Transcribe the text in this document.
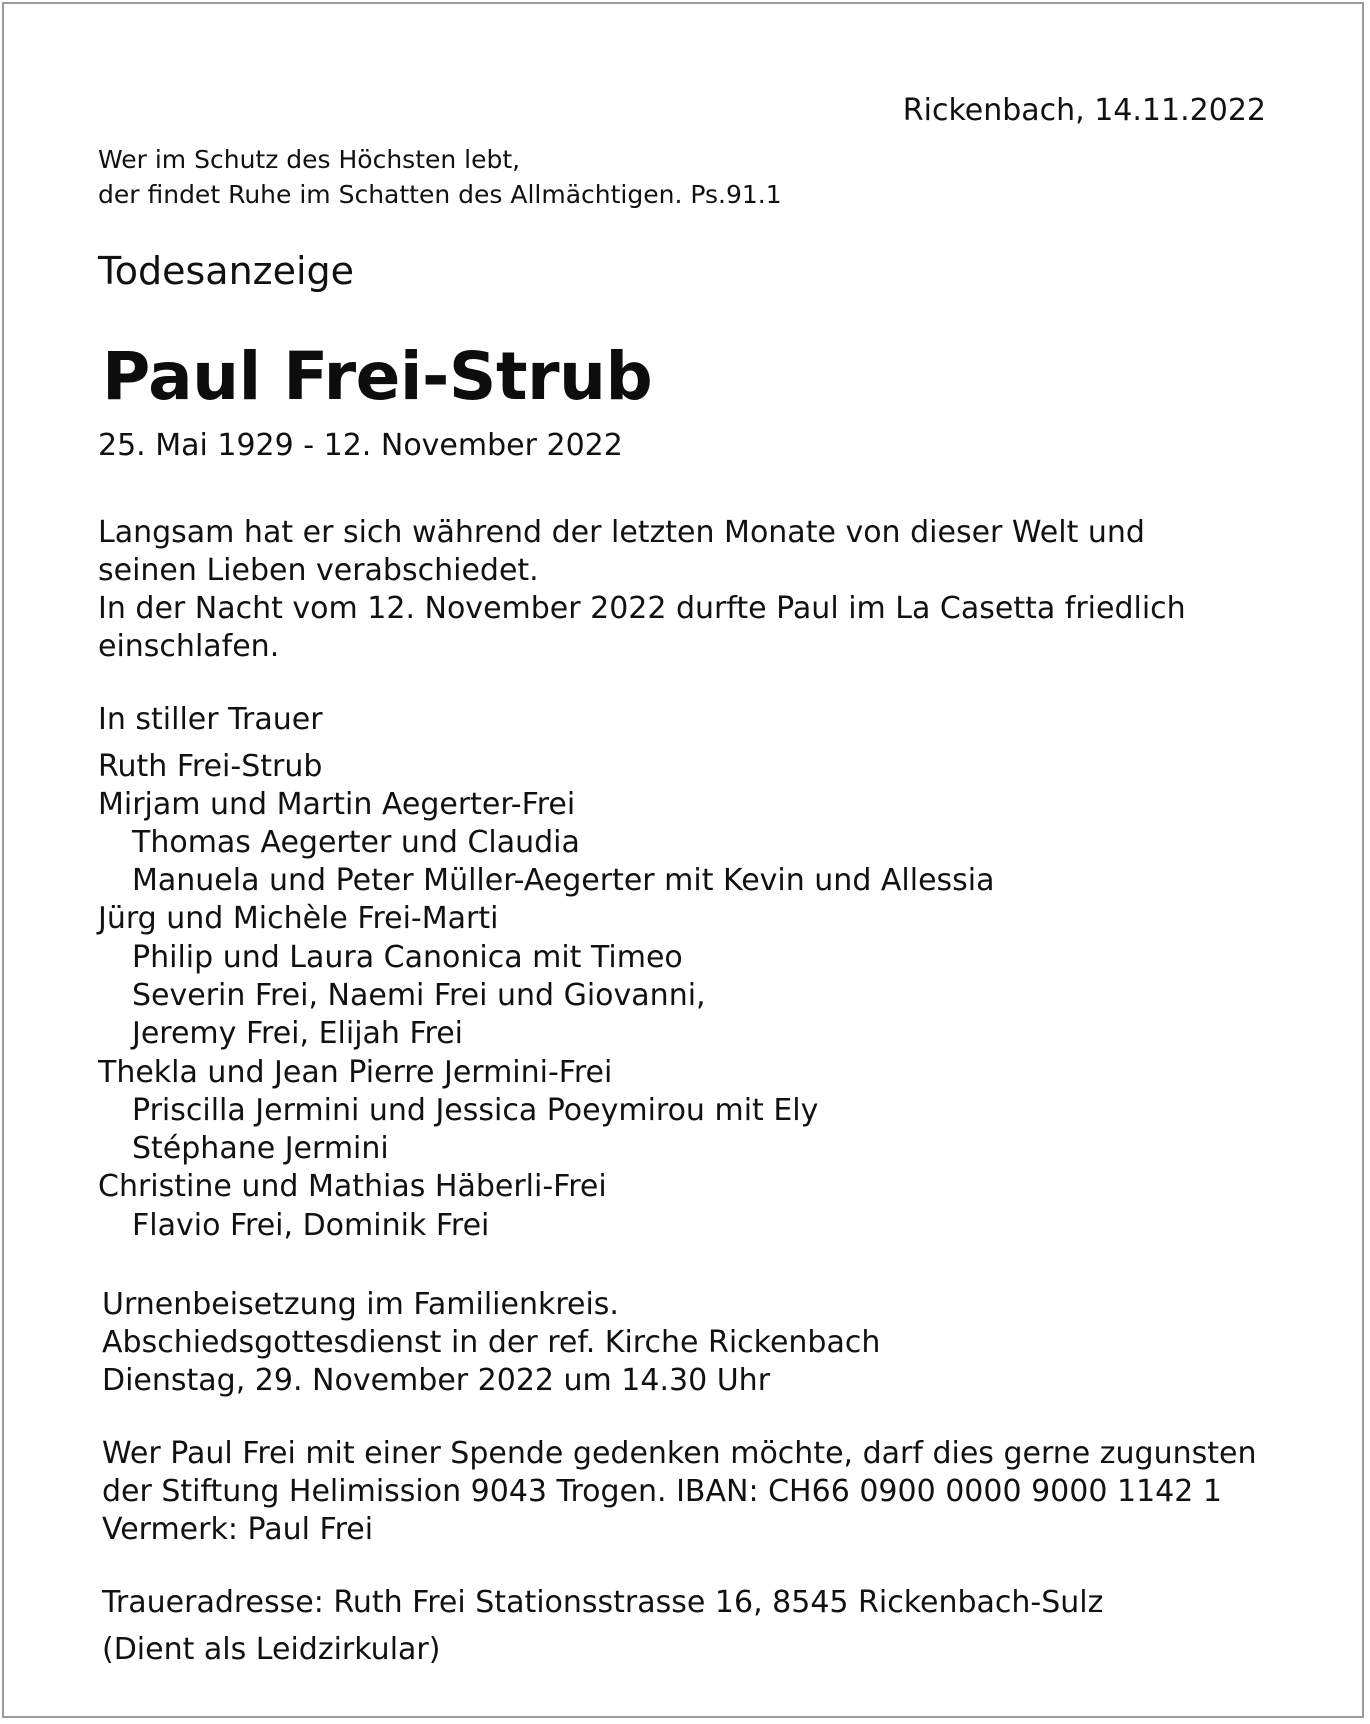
Rickenbach, 14.11.2022

Wer im Schutz des Höchsten lebt,

der findet Ruhe im Schatten des Allmächtigen. Ps.91.1

Todesanzeige

Paul Frei-Strub

25. Mai 1929 - 12. November 2022

Langsam hat er sich während der letzten Monate von dieser Welt und

seinen Lieben verabschiedet.

In der Nacht vom 12. November 2022 durfte Paul im La Casetta friedlich

einschlafen.

In stiller Trauer

Ruth Frei-Strub

Mirjam und Martin Aegerter-Frei

Thomas Aegerter und Claudia

Manuela und Peter Müller-Aegerter mit Kevin und Allessia

Jürg und Michèle Frei-Marti

Philip und Laura Canonica mit Timeo

Severin Frei, Naemi Frei und Giovanni,

Jeremy Frei, Elijah Frei

Thekla und Jean Pierre Jermini-Frei

Priscilla Jermini und Jessica Poeymirou mit Ely

Stéphane Jermini

Christine und Mathias Häberli-Frei

Flavio Frei, Dominik Frei

Urnenbeisetzung im Familienkreis.

Abschiedsgottesdienst in der ref. Kirche Rickenbach

Dienstag, 29. November 2022 um 14.30 Uhr

Wer Paul Frei mit einer Spende gedenken möchte, darf dies gerne zugunsten

der Stiftung Helimission 9043 Trogen. IBAN: CH66 0900 0000 9000 1142 1

Vermerk: Paul Frei

Traueradresse: Ruth Frei Stationsstrasse 16, 8545 Rickenbach-Sulz

(Dient als Leidzirkular)
